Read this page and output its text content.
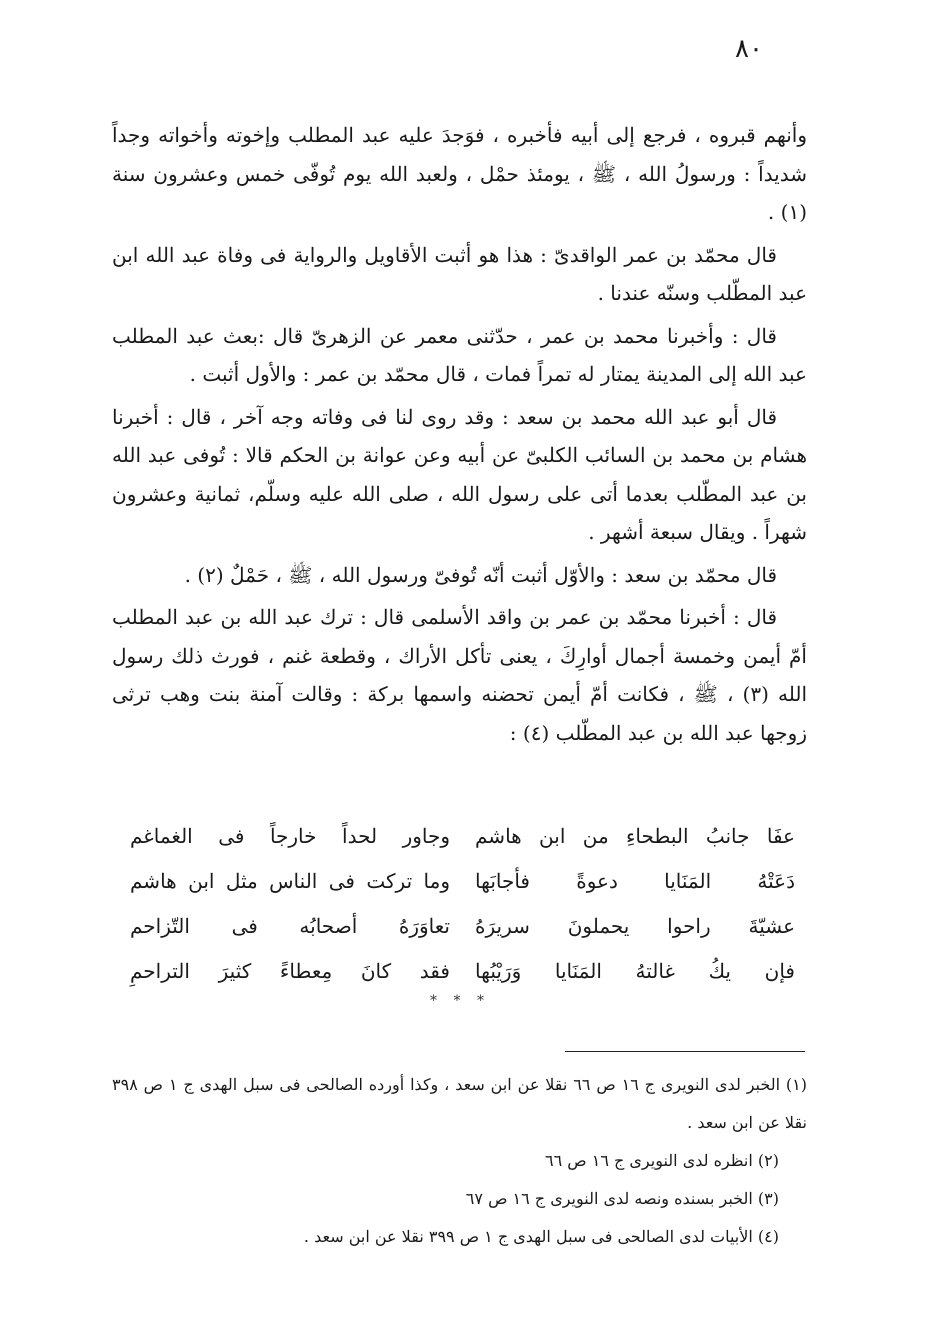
٨٠

وأنهم قبروه ، فرجع إلى أبيه فأخبره ، فوَجدَ عليه عبد المطلب وإخوته وأخواته وجداً شديداً : ورسولُ الله ، ﷺ ، يومئذ حمْل ، ولعبد الله يوم تُوفّى خمس وعشرون سنة (١) .

قال محمّد بن عمر الواقدىّ : هذا هو أثبت الأقاويل والرواية فى وفاة عبد الله ابن عبد المطّلب وسنّه عندنا .

قال : وأخبرنا محمد بن عمر ، حدّثنى معمر عن الزهرىّ قال :بعث عبد المطلب عبد الله إلى المدينة يمتار له تمراً فمات ، قال محمّد بن عمر : والأول أثبت .

قال أبو عبد الله محمد بن سعد : وقد روى لنا فى وفاته وجه آخر ، قال : أخبرنا هشام بن محمد بن السائب الكلبىّ عن أبيه وعن عوانة بن الحكم قالا : تُوفى عبد الله بن عبد المطّلب بعدما أتى على رسول الله ، صلى الله عليه وسلّم، ثمانية وعشرون شهراً . ويقال سبعة أشهر .

قال محمّد بن سعد : والأوّل أثبت أنّه تُوفىّ ورسول الله ، ﷺ ، حَمْلٌ (٢) .

قال : أخبرنا محمّد بن عمر بن واقد الأسلمى قال : ترك عبد الله بن عبد المطلب أمّ أيمن وخمسة أجمال أوارِكَ ، يعنى تأكل الأراك ، وقطعة غنم ، فورث ذلك رسول الله (٣) ، ﷺ ، فكانت أمّ أيمن تحضنه واسمها بركة : وقالت آمنة بنت وهب ترثى زوجها عبد الله بن عبد المطّلب (٤) :

عفَا جانبُ البطحاءِ من ابن هاشم
وجاور لحداً خارجاً فى الغماغم
دَعَتْهُ المَنَايا دعوةً فأجابَها
وما تركت فى الناس مثل ابن هاشم
عشيّةَ راحوا يحملونَ سريرَهُ
تعاوَرَهُ أصحابُه فى التّزاحم
فإن يكُ غالتهُ المَنَايا وَرَيْبُها
فقد كانَ مِعطاءً كثيرَ التراحمِ
* * *

(١) الخبر لدى النويرى ج ١٦ ص ٦٦ نقلا عن ابن سعد ، وكذا أورده الصالحى فى سبل الهدى ج ١ ص ٣٩٨ نقلا عن ابن سعد .

(٢) انظره لدى النويرى ج ١٦ ص ٦٦

(٣) الخبر بسنده ونصه لدى النويرى ج ١٦ ص ٦٧

(٤) الأبيات لدى الصالحى فى سبل الهدى ج ١ ص ٣٩٩ نقلا عن ابن سعد .
